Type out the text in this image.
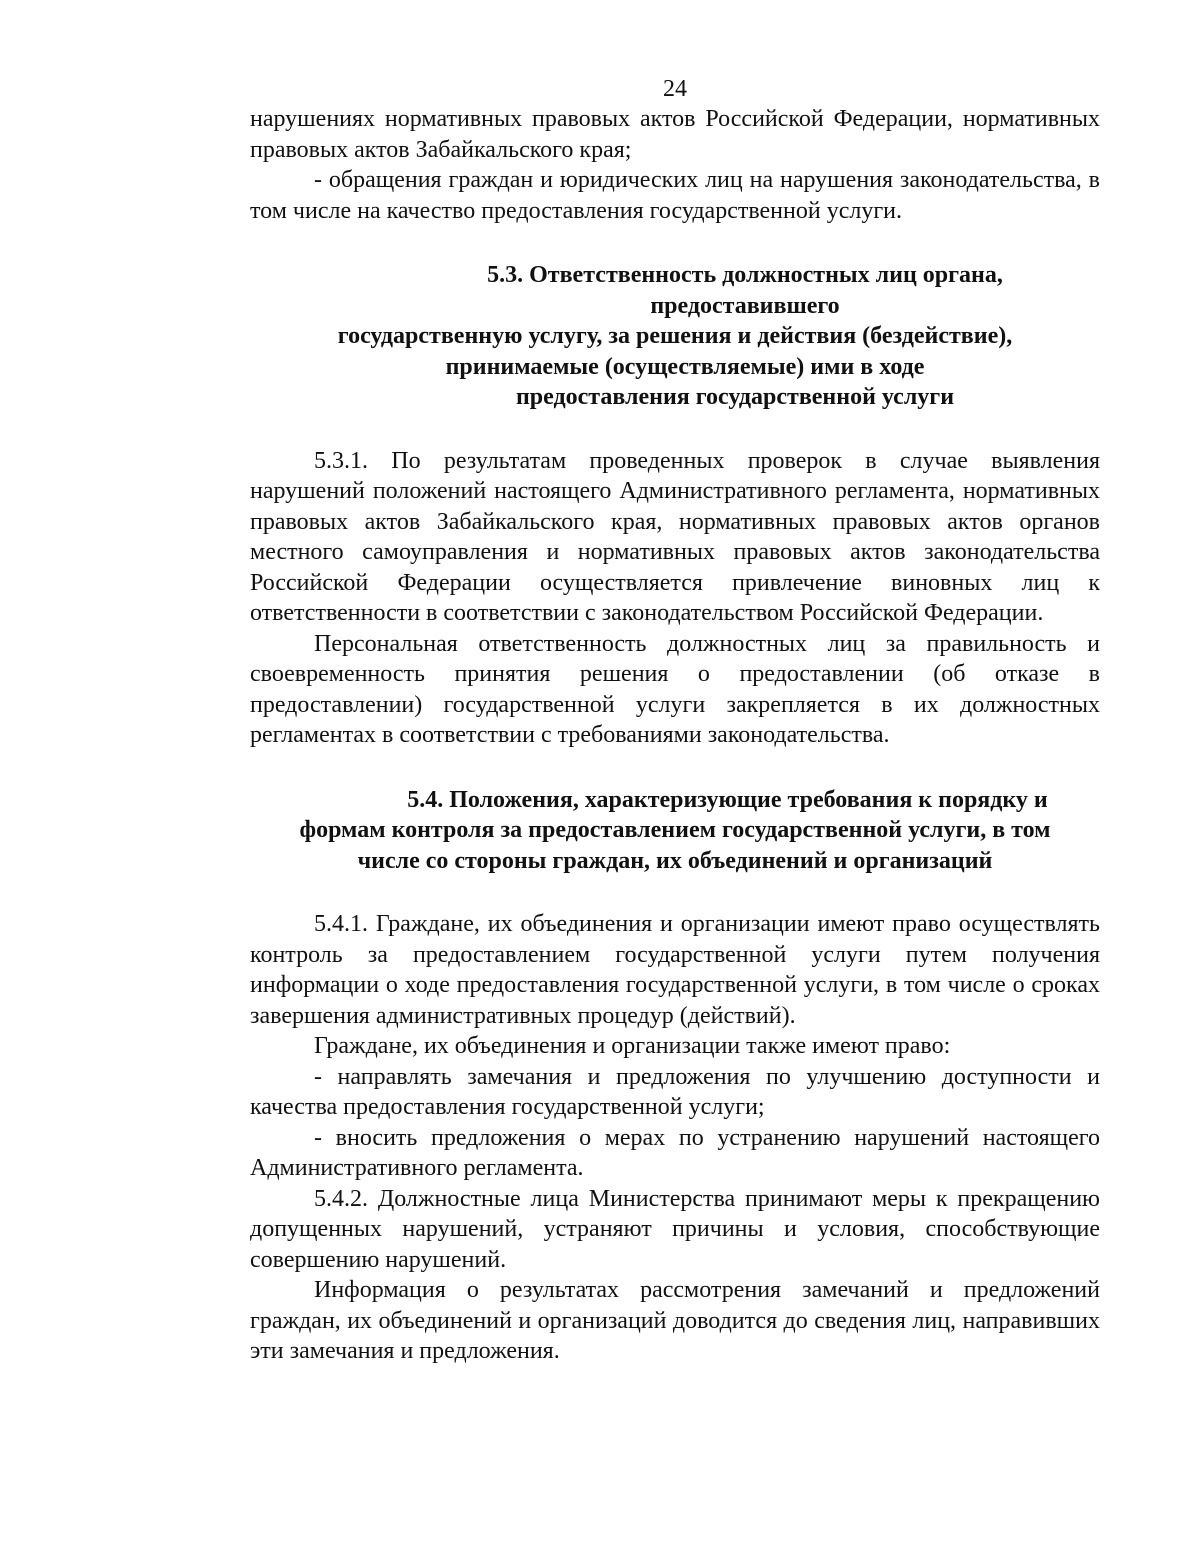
24

нарушениях нормативных правовых актов Российской Федерации, нормативных правовых актов Забайкальского края;

- обращения граждан и юридических лиц на нарушения законодательства, в том числе на качество предоставления государственной услуги.

5.3. Ответственность должностных лиц органа, предоставившего
государственную услугу, за решения и действия (бездействие),
принимаемые (осуществляемые) ими в ходе
предоставления государственной услуги

5.3.1. По результатам проведенных проверок в случае выявления нарушений положений настоящего Административного регламента, нормативных правовых актов Забайкальского края, нормативных правовых актов органов местного самоуправления и нормативных правовых актов законодательства Российской Федерации осуществляется привлечение виновных лиц к ответственности в соответствии с законодательством Российской Федерации.

Персональная ответственность должностных лиц за правильность и своевременность принятия решения о предоставлении (об отказе в предоставлении) государственной услуги закрепляется в их должностных регламентах в соответствии с требованиями законодательства.

5.4. Положения, характеризующие требования к порядку и
формам контроля за предоставлением государственной услуги, в том
числе со стороны граждан, их объединений и организаций

5.4.1. Граждане, их объединения и организации имеют право осуществлять контроль за предоставлением государственной услуги путем получения информации о ходе предоставления государственной услуги, в том числе о сроках завершения административных процедур (действий).

Граждане, их объединения и организации также имеют право:

- направлять замечания и предложения по улучшению доступности и качества предоставления государственной услуги;

- вносить предложения о мерах по устранению нарушений настоящего Административного регламента.

5.4.2. Должностные лица Министерства принимают меры к прекращению допущенных нарушений, устраняют причины и условия, способствующие совершению нарушений.

Информация о результатах рассмотрения замечаний и предложений граждан, их объединений и организаций доводится до сведения лиц, направивших эти замечания и предложения.
